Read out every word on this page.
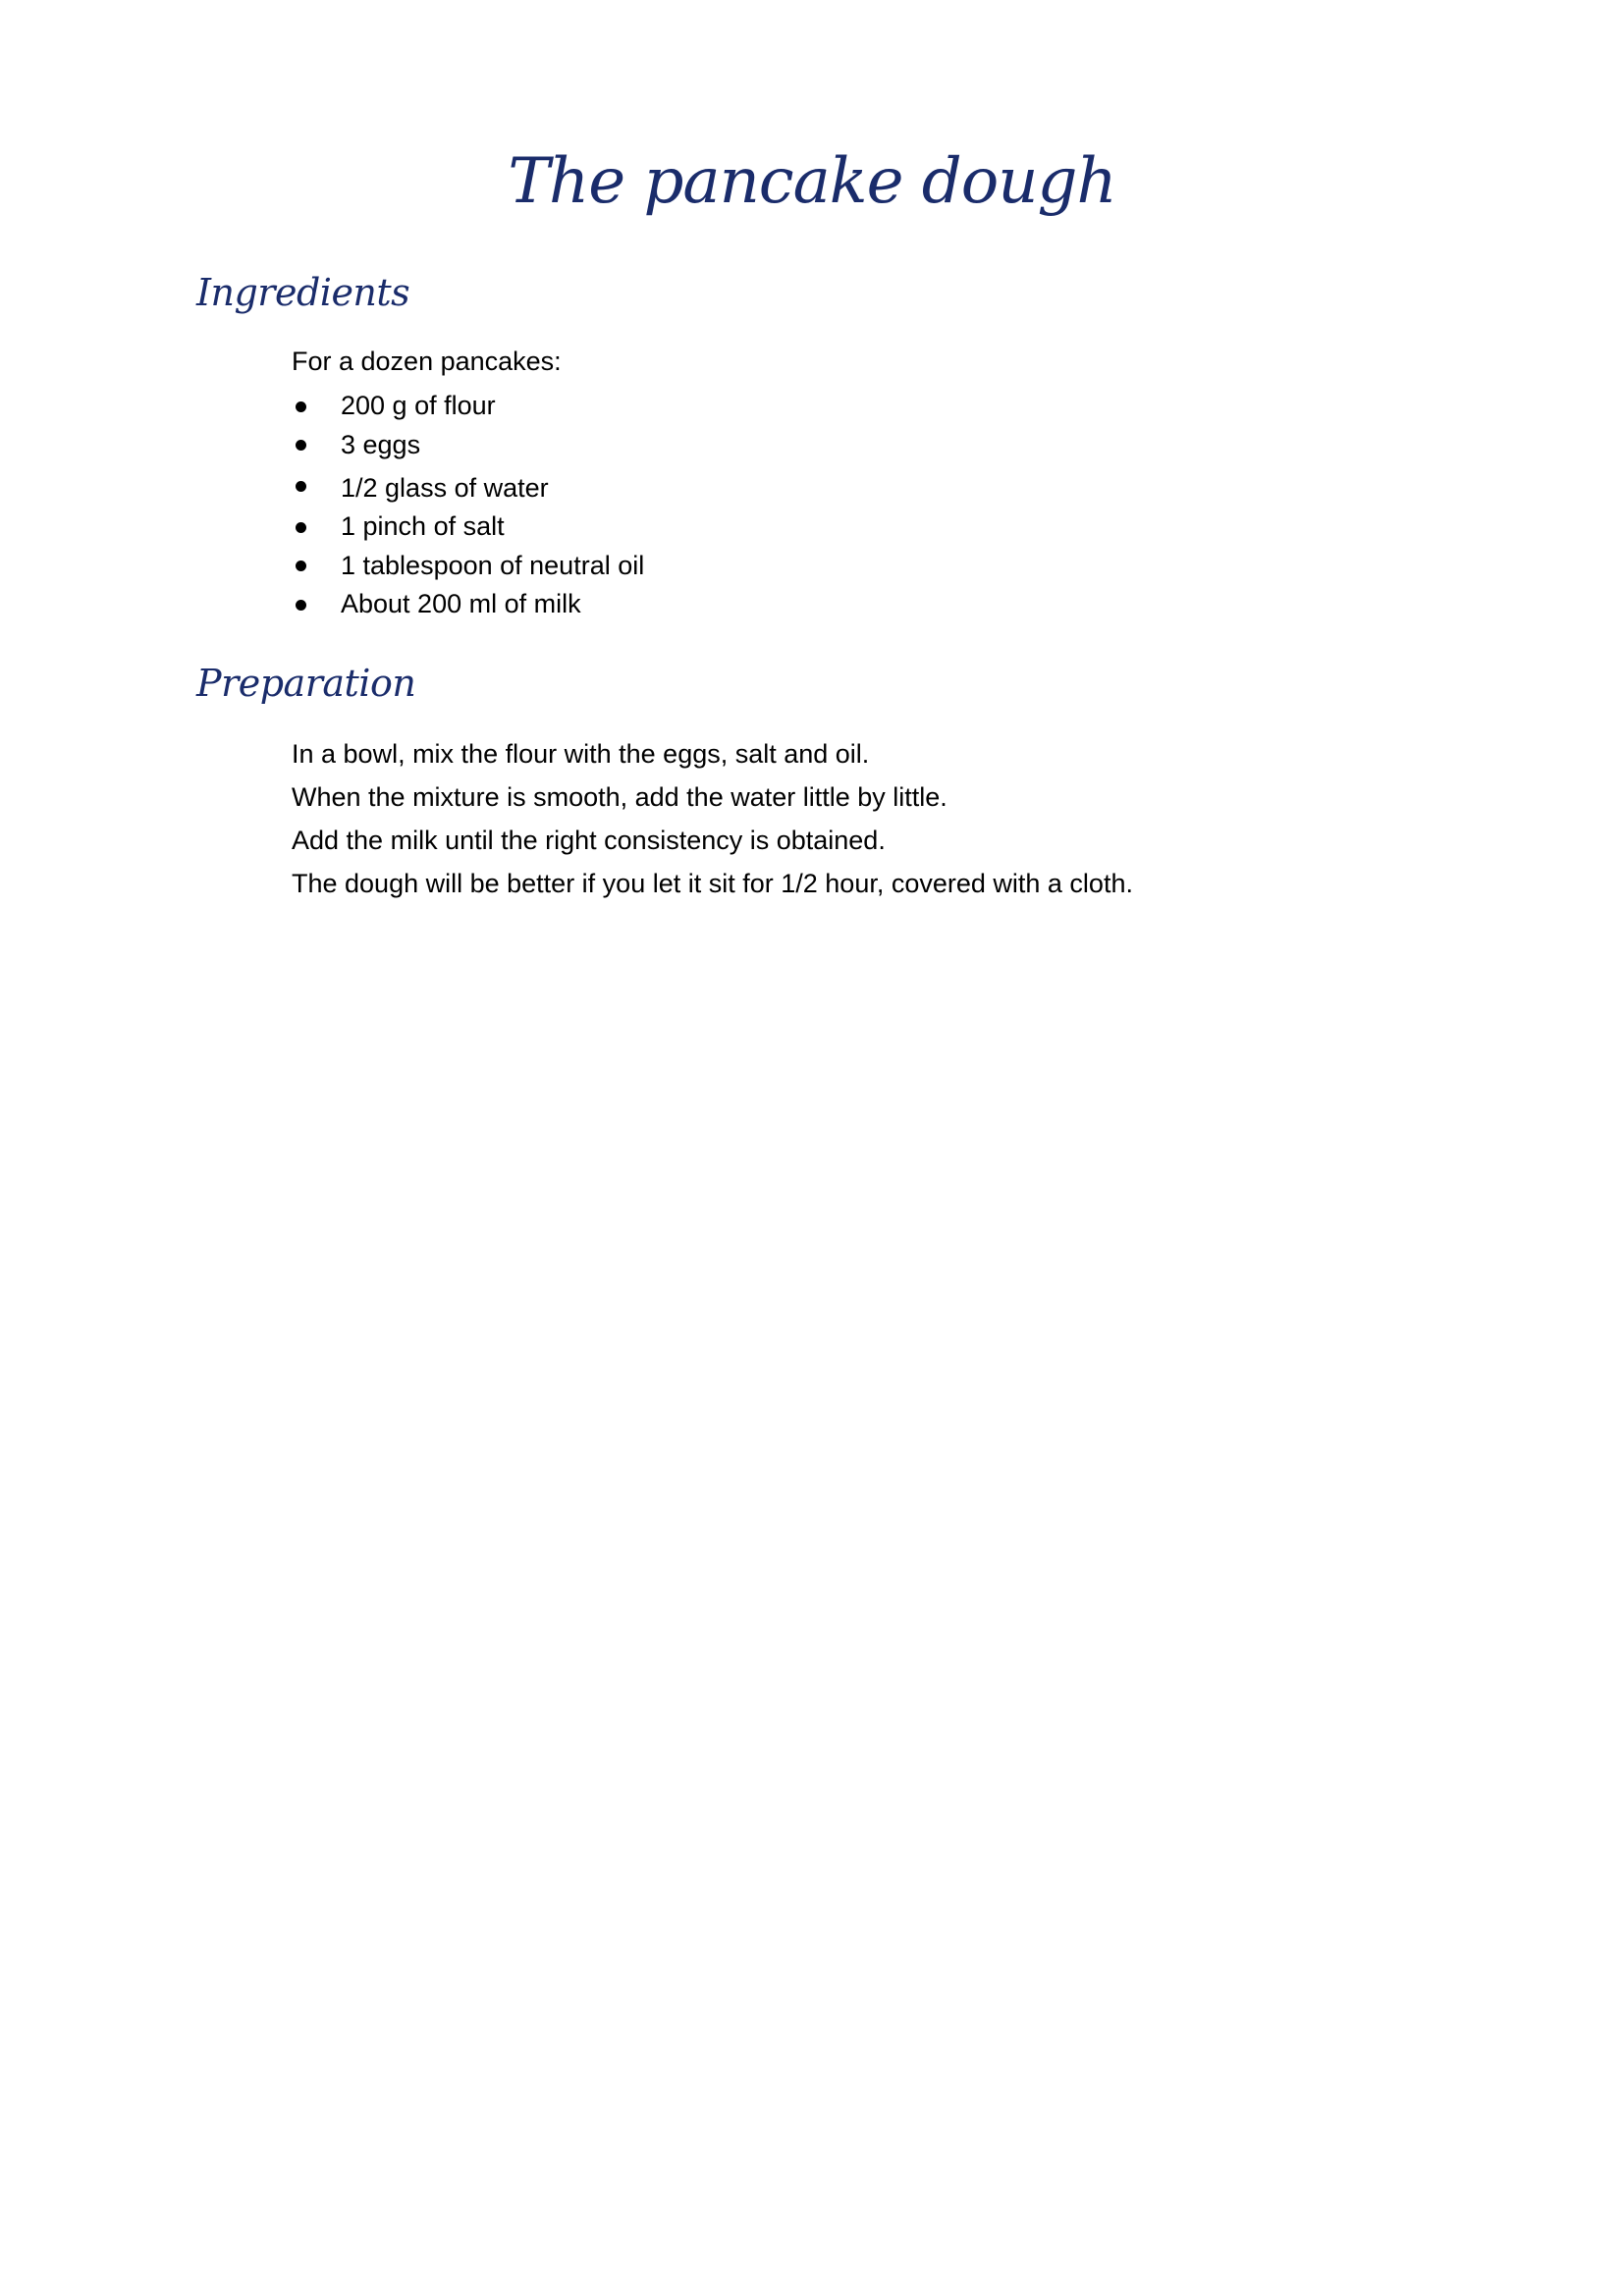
The pancake dough
Ingredients

For a dozen pancakes:

200 g of flour
3 eggs
1/2 glass of water
1 pinch of salt
1 tablespoon of neutral oil
About 200 ml of milk
Preparation

In a bowl, mix the flour with the eggs, salt and oil.

When the mixture is smooth, add the water little by little.

Add the milk until the right consistency is obtained.

The dough will be better if you let it sit for 1/2 hour, covered with a cloth.
